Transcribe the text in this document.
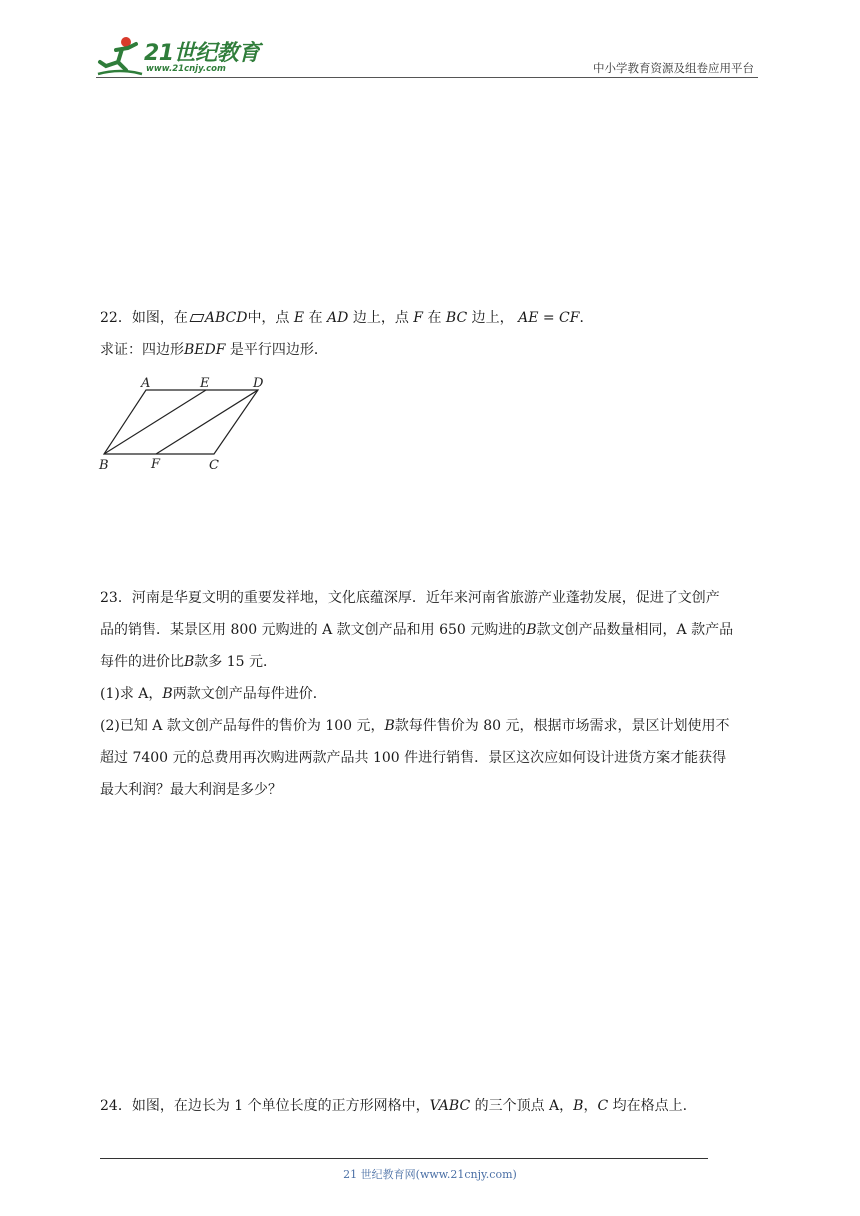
21世纪教育
www.21cnjy.com	中小学教育资源及组卷应用平台

22．如图，在 ABCD中，点 E 在 AD 边上，点 F 在 BC 边上， AE = CF．

求证：四边形BEDF 是平行四边形．

A	E	D
B	F	C

23．河南是华夏文明的重要发祥地，文化底蕴深厚．近年来河南省旅游产业蓬勃发展，促进了文创产

品的销售．某景区用 800 元购进的 A 款文创产品和用 650 元购进的B款文创产品数量相同，A 款产品

每件的进价比B款多 15 元．

(1)求 A，B两款文创产品每件进价．

(2)已知 A 款文创产品每件的售价为 100 元，B款每件售价为 80 元，根据市场需求，景区计划使用不

超过 7400 元的总费用再次购进两款产品共 100 件进行销售．景区这次应如何设计进货方案才能获得

最大利润？最大利润是多少？

24．如图，在边长为 1 个单位长度的正方形网格中，VABC 的三个顶点 A，B，C 均在格点上.

21 世纪教育网(www.21cnjy.com)
